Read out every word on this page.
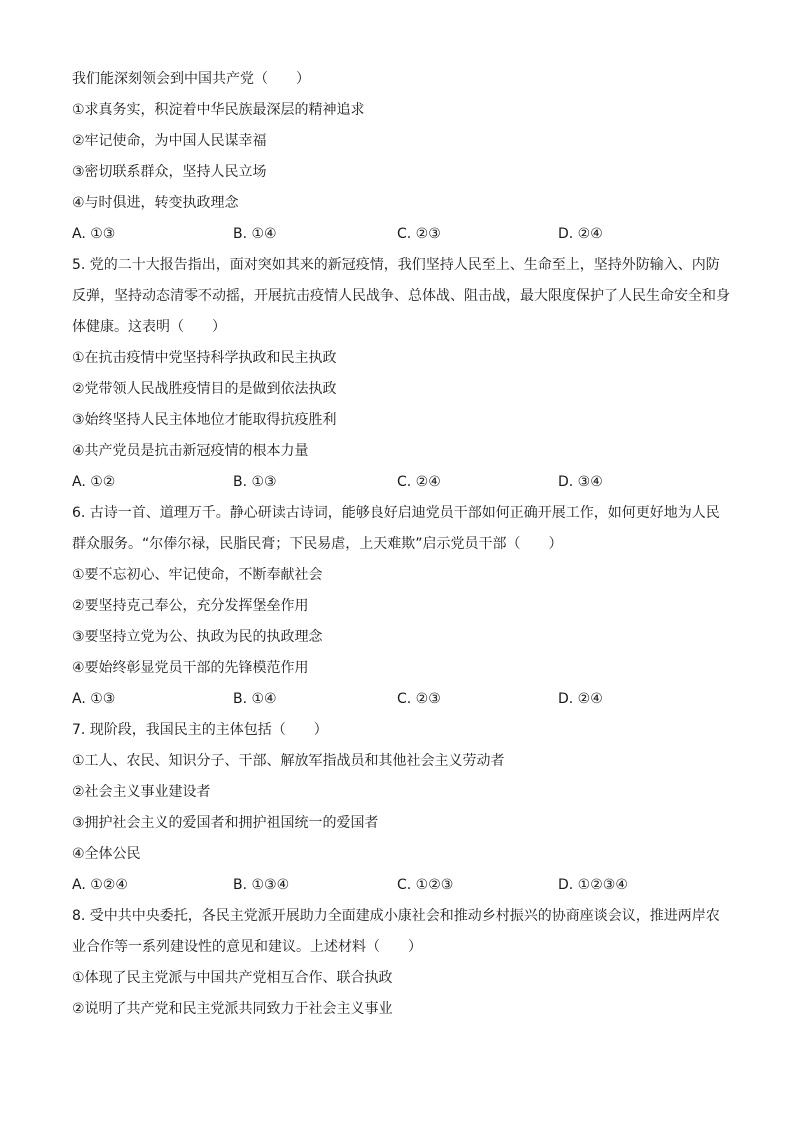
我们能深刻领会到中国共产党（　　）
①求真务实，积淀着中华民族最深层的精神追求
②牢记使命，为中国人民谋幸福
③密切联系群众，坚持人民立场
④与时俱进，转变执政理念
A. ①③	B. ①④	C. ②③	D. ②④
5. 党的二十大报告指出，面对突如其来的新冠疫情，我们坚持人民至上、生命至上，坚持外防输入、内防反弹，坚持动态清零不动摇，开展抗击疫情人民战争、总体战、阻击战，最大限度保护了人民生命安全和身体健康。这表明（　　）
①在抗击疫情中党坚持科学执政和民主执政
②党带领人民战胜疫情目的是做到依法执政
③始终坚持人民主体地位才能取得抗疫胜利
④共产党员是抗击新冠疫情的根本力量
A. ①②	B. ①③	C. ②④	D. ③④
6. 古诗一首、道理万千。静心研读古诗词，能够良好启迪党员干部如何正确开展工作，如何更好地为人民群众服务。“尔俸尔禄，民脂民膏；下民易虐，上天难欺”启示党员干部（　　）
①要不忘初心、牢记使命，不断奉献社会
②要坚持克己奉公，充分发挥堡垒作用
③要坚持立党为公、执政为民的执政理念
④要始终彰显党员干部的先锋模范作用
A. ①③	B. ①④	C. ②③	D. ②④
7. 现阶段，我国民主的主体包括（　　）
①工人、农民、知识分子、干部、解放军指战员和其他社会主义劳动者
②社会主义事业建设者
③拥护社会主义的爱国者和拥护祖国统一的爱国者
④全体公民
A. ①②④	B. ①③④	C. ①②③	D. ①②③④
8. 受中共中央委托，各民主党派开展助力全面建成小康社会和推动乡村振兴的协商座谈会议，推进两岸农业合作等一系列建设性的意见和建议。上述材料（　　）
①体现了民主党派与中国共产党相互合作、联合执政
②说明了共产党和民主党派共同致力于社会主义事业
